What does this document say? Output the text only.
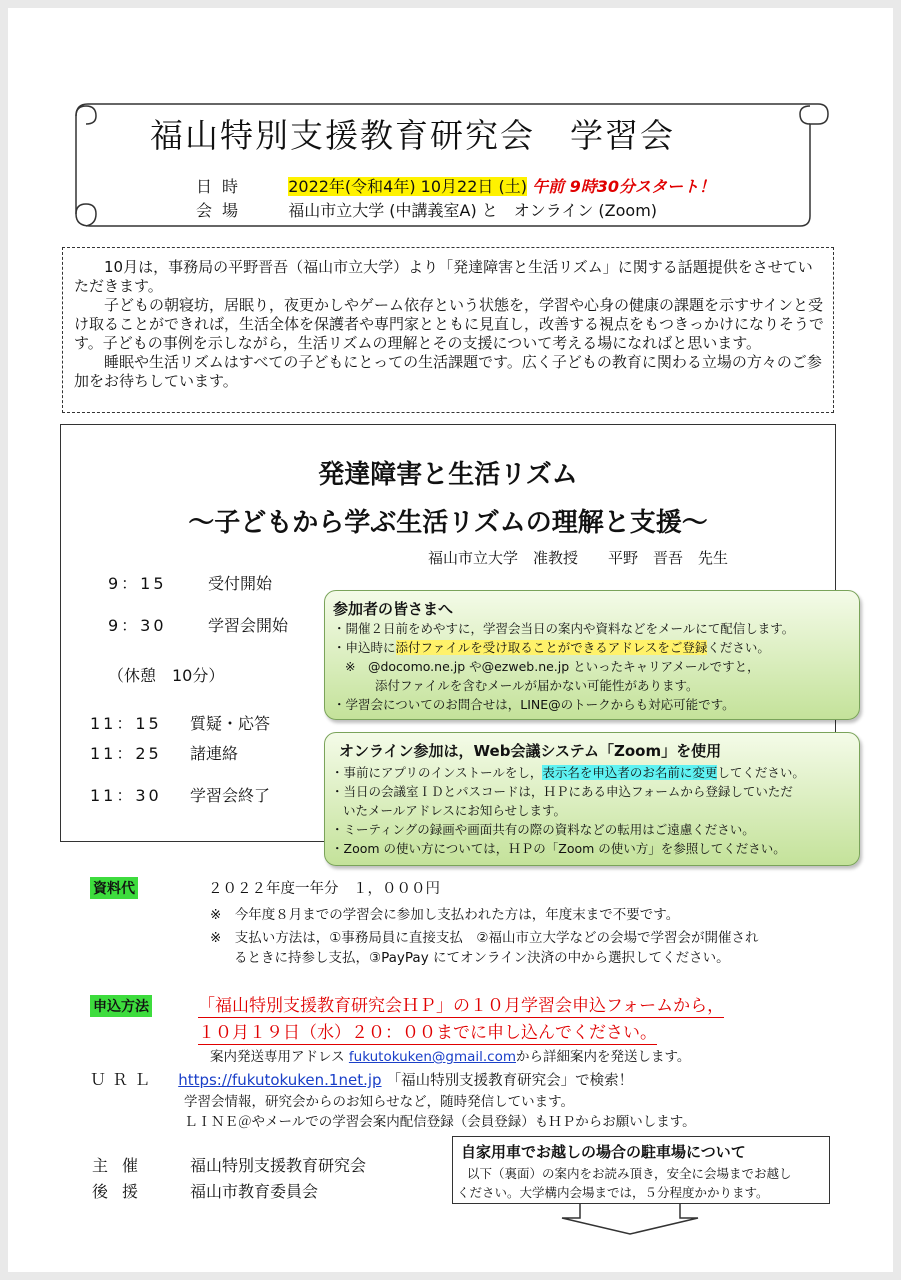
福山特別支援教育研究会　学習会
日時	2022年(令和4年) 10月22日 (土) 午前 9時30分スタート！
会場	福山市立大学 (中講義室A) と　オンライン (Zoom)

10月は，事務局の平野晋吾（福山市立大学）より「発達障害と生活リズム」に関する話題提供をさせていただきます。

子どもの朝寝坊，居眠り，夜更かしやゲーム依存という状態を，学習や心身の健康の課題を示すサインと受け取ることができれば，生活全体を保護者や専門家とともに見直し，改善する視点をもつきっかけになりそうです。子どもの事例を示しながら，生活リズムの理解とその支援について考える場になればと思います。

睡眠や生活リズムはすべての子どもにとっての生活課題です。広く子どもの教育に関わる立場の方々のご参加をお待ちしています。

発達障害と生活リズム
～子どもから学ぶ生活リズムの理解と支援～
福山市立大学　准教授　　平野　晋吾　先生
9：15	受付開始
9：30	学習会開始
（休憩　10分）
11：15 質疑・応答
11：25 諸連絡
11：30 学習会終了
参加者の皆さまへ
・開催２日前をめやすに，学習会当日の案内や資料などをメールにて配信します。
・申込時に添付ファイルを受け取ることができるアドレスをご登録ください。
※　@docomo.ne.jp や@ezweb.ne.jp といったキャリアメールですと，
添付ファイルを含むメールが届かない可能性があります。
・学習会についてのお問合せは，LINE@のトークからも対応可能です。
オンライン参加は，Web会議システム「Zoom」を使用
・事前にアプリのインストールをし，表示名を申込者のお名前に変更してください。
・当日の会議室ＩＤとパスコードは，ＨＰにある申込フォームから登録していただ
いたメールアドレスにお知らせします。
・ミーティングの録画や画面共有の際の資料などの転用はご遠慮ください。
・Zoom の使い方については，ＨＰの「Zoom の使い方」を参照してください。
資料代	２０２２年度一年分　１，０００円
※　今年度８月までの学習会に参加し支払われた方は，年度末まで不要です。
※　支払い方法は，①事務局員に直接支払　②福山市立大学などの会場で学習会が開催され
るときに持参し支払，③PayPay にてオンライン決済の中から選択してください。
申込方法	「福山特別支援教育研究会ＨＰ」の１０月学習会申込フォームから，
１０月１９日（水）２０：００までに申し込んでください。
案内発送専用アドレス fukutokuken@gmail.comから詳細案内を発送します。
ＵＲＬ https://fukutokuken.1net.jp 「福山特別支援教育研究会」で検索！
学習会情報，研究会からのお知らせなど，随時発信しています。
ＬＩＮＥ＠やメールでの学習会案内配信登録（会員登録）もＨＰからお願いします。
主催 福山特別支援教育研究会
後援 福山市教育委員会
自家用車でお越しの場合の駐車場について
以下（裏面）の案内をお読み頂き，安全に会場までお越し
ください。大学構内会場までは，５分程度かかります。
